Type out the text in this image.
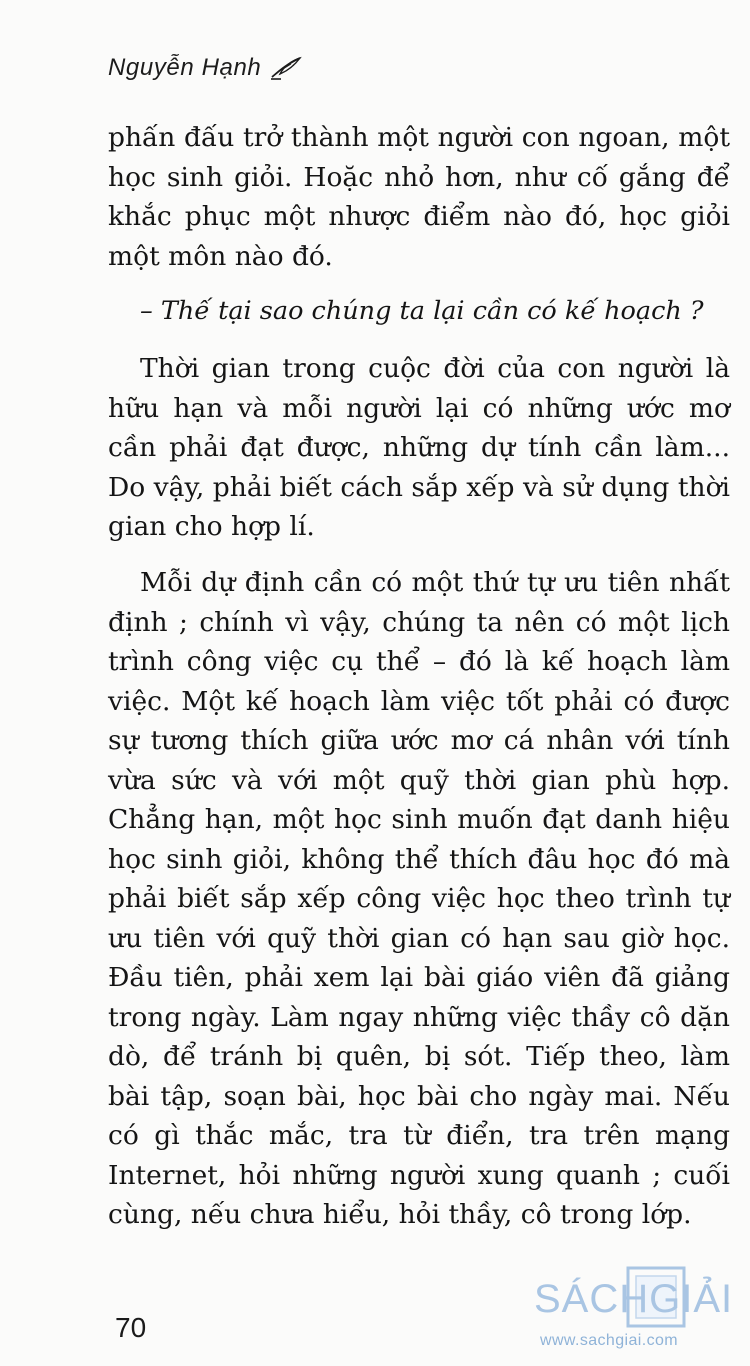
Nguyễn Hạnh

phấn đấu trở thành một người con ngoan, một học sinh giỏi. Hoặc nhỏ hơn, như cố gắng để khắc phục một nhược điểm nào đó, học giỏi một môn nào đó.

– Thế tại sao chúng ta lại cần có kế hoạch ?

Thời gian trong cuộc đời của con người là hữu hạn và mỗi người lại có những ước mơ cần phải đạt được, những dự tính cần làm... Do vậy, phải biết cách sắp xếp và sử dụng thời gian cho hợp lí.

Mỗi dự định cần có một thứ tự ưu tiên nhất định ; chính vì vậy, chúng ta nên có một lịch trình công việc cụ thể – đó là kế hoạch làm việc. Một kế hoạch làm việc tốt phải có được sự tương thích giữa ước mơ cá nhân với tính vừa sức và với một quỹ thời gian phù hợp. Chẳng hạn, một học sinh muốn đạt danh hiệu học sinh giỏi, không thể thích đâu học đó mà phải biết sắp xếp công việc học theo trình tự ưu tiên với quỹ thời gian có hạn sau giờ học. Đầu tiên, phải xem lại bài giáo viên đã giảng trong ngày. Làm ngay những việc thầy cô dặn dò, để tránh bị quên, bị sót. Tiếp theo, làm bài tập, soạn bài, học bài cho ngày mai. Nếu có gì thắc mắc, tra từ điển, tra trên mạng Internet, hỏi những người xung quanh ; cuối cùng, nếu chưa hiểu, hỏi thầy, cô trong lớp.

70
SÁCHGIẢI
www.sachgiai.com
